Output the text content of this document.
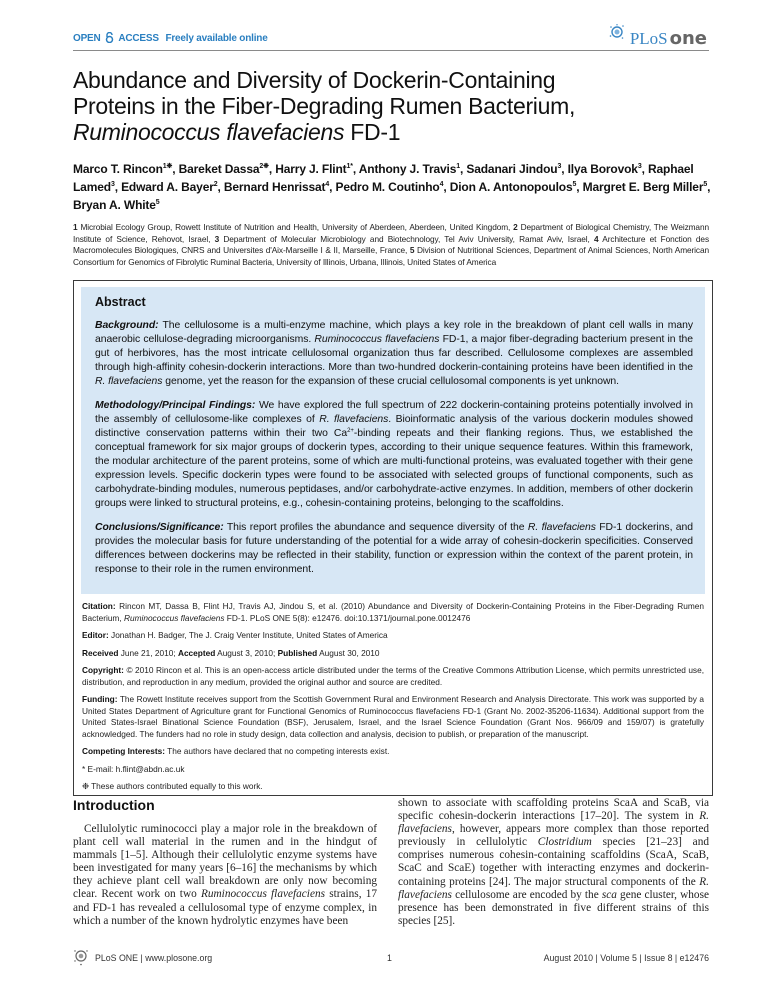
OPEN ACCESS Freely available online	PLoS one
Abundance and Diversity of Dockerin-Containing
Proteins in the Fiber-Degrading Rumen Bacterium,
Ruminococcus flavefaciens FD-1
Marco T. Rincon$^{1❉}$, Bareket Dassa$^{2❉}$, Harry J. Flint$^{1*}$, Anthony J. Travis$^1$, Sadanari Jindou$^3$, Ilya Borovok$^3$, Raphael Lamed$^3$, Edward A. Bayer$^2$, Bernard Henrissat$^4$, Pedro M. Coutinho$^4$, Dion A. Antonopoulos$^5$, Margret E. Berg Miller$^5$, Bryan A. White$^5$
1 Microbial Ecology Group, Rowett Institute of Nutrition and Health, University of Aberdeen, Aberdeen, United Kingdom, 2 Department of Biological Chemistry, The Weizmann Institute of Science, Rehovot, Israel, 3 Department of Molecular Microbiology and Biotechnology, Tel Aviv University, Ramat Aviv, Israel, 4 Architecture et Fonction des Macromolecules Biologiques, CNRS and Universites d'Aix-Marseille I & II, Marseille, France, 5 Division of Nutritional Sciences, Department of Animal Sciences, North American Consortium for Genomics of Fibrolytic Ruminal Bacteria, University of Illinois, Urbana, Illinois, United States of America
Abstract

Background: The cellulosome is a multi-enzyme machine, which plays a key role in the breakdown of plant cell walls in many anaerobic cellulose-degrading microorganisms. Ruminococcus flavefaciens FD-1, a major fiber-degrading bacterium present in the gut of herbivores, has the most intricate cellulosomal organization thus far described. Cellulosome complexes are assembled through high-affinity cohesin-dockerin interactions. More than two-hundred dockerin-containing proteins have been identified in the R. flavefaciens genome, yet the reason for the expansion of these crucial cellulosomal components is yet unknown.

Methodology/Principal Findings: We have explored the full spectrum of 222 dockerin-containing proteins potentially involved in the assembly of cellulosome-like complexes of R. flavefaciens. Bioinformatic analysis of the various dockerin modules showed distinctive conservation patterns within their two $Ca^{2+}$-binding repeats and their flanking regions. Thus, we established the conceptual framework for six major groups of dockerin types, according to their unique sequence features. Within this framework, the modular architecture of the parent proteins, some of which are multi-functional proteins, was evaluated together with their gene expression levels. Specific dockerin types were found to be associated with selected groups of functional components, such as carbohydrate-binding modules, numerous peptidases, and/or carbohydrate-active enzymes. In addition, members of other dockerin groups were linked to structural proteins, e.g., cohesin-containing proteins, belonging to the scaffoldins.

Conclusions/Significance: This report profiles the abundance and sequence diversity of the R. flavefaciens FD-1 dockerins, and provides the molecular basis for future understanding of the potential for a wide array of cohesin-dockerin specificities. Conserved differences between dockerins may be reflected in their stability, function or expression within the context of the parent protein, in response to their role in the rumen environment.

Citation: Rincon MT, Dassa B, Flint HJ, Travis AJ, Jindou S, et al. (2010) Abundance and Diversity of Dockerin-Containing Proteins in the Fiber-Degrading Rumen Bacterium, Ruminococcus flavefaciens FD-1. PLoS ONE 5(8): e12476. doi:10.1371/journal.pone.0012476

Editor: Jonathan H. Badger, The J. Craig Venter Institute, United States of America

Received June 21, 2010; Accepted August 3, 2010; Published August 30, 2010

Copyright: © 2010 Rincon et al. This is an open-access article distributed under the terms of the Creative Commons Attribution License, which permits unrestricted use, distribution, and reproduction in any medium, provided the original author and source are credited.

Funding: The Rowett Institute receives support from the Scottish Government Rural and Environment Research and Analysis Directorate. This work was supported by a United States Department of Agriculture grant for Functional Genomics of Ruminococcus flavefaciens FD-1 (Grant No. 2002-35206-11634). Additional support from the United States-Israel Binational Science Foundation (BSF), Jerusalem, Israel, and the Israel Science Foundation (Grant Nos. 966/09 and 159/07) is gratefully acknowledged. The funders had no role in study design, data collection and analysis, decision to publish, or preparation of the manuscript.

Competing Interests: The authors have declared that no competing interests exist.

* E-mail: h.flint@abdn.ac.uk

❉ These authors contributed equally to this work.

Introduction
Cellulolytic ruminococci play a major role in the breakdown of plant cell wall material in the rumen and in the hindgut of mammals [1–5]. Although their cellulolytic enzyme systems have been investigated for many years [6–16] the mechanisms by which they achieve plant cell wall breakdown are only now becoming clear. Recent work on two Ruminococcus flavefaciens strains, 17 and FD-1 has revealed a cellulosomal type of enzyme complex, in which a number of the known hydrolytic enzymes have been
shown to associate with scaffolding proteins ScaA and ScaB, via specific cohesin-dockerin interactions [17–20]. The system in R. flavefaciens, however, appears more complex than those reported previously in cellulolytic Clostridium species [21–23] and comprises numerous cohesin-containing scaffoldins (ScaA, ScaB, ScaC and ScaE) together with interacting enzymes and dockerin-containing proteins [24]. The major structural components of the R. flavefaciens cellulosome are encoded by the sca gene cluster, whose presence has been demonstrated in five different strains of this species [25].
PLoS ONE | www.plosone.org	1	August 2010 | Volume 5 | Issue 8 | e12476
